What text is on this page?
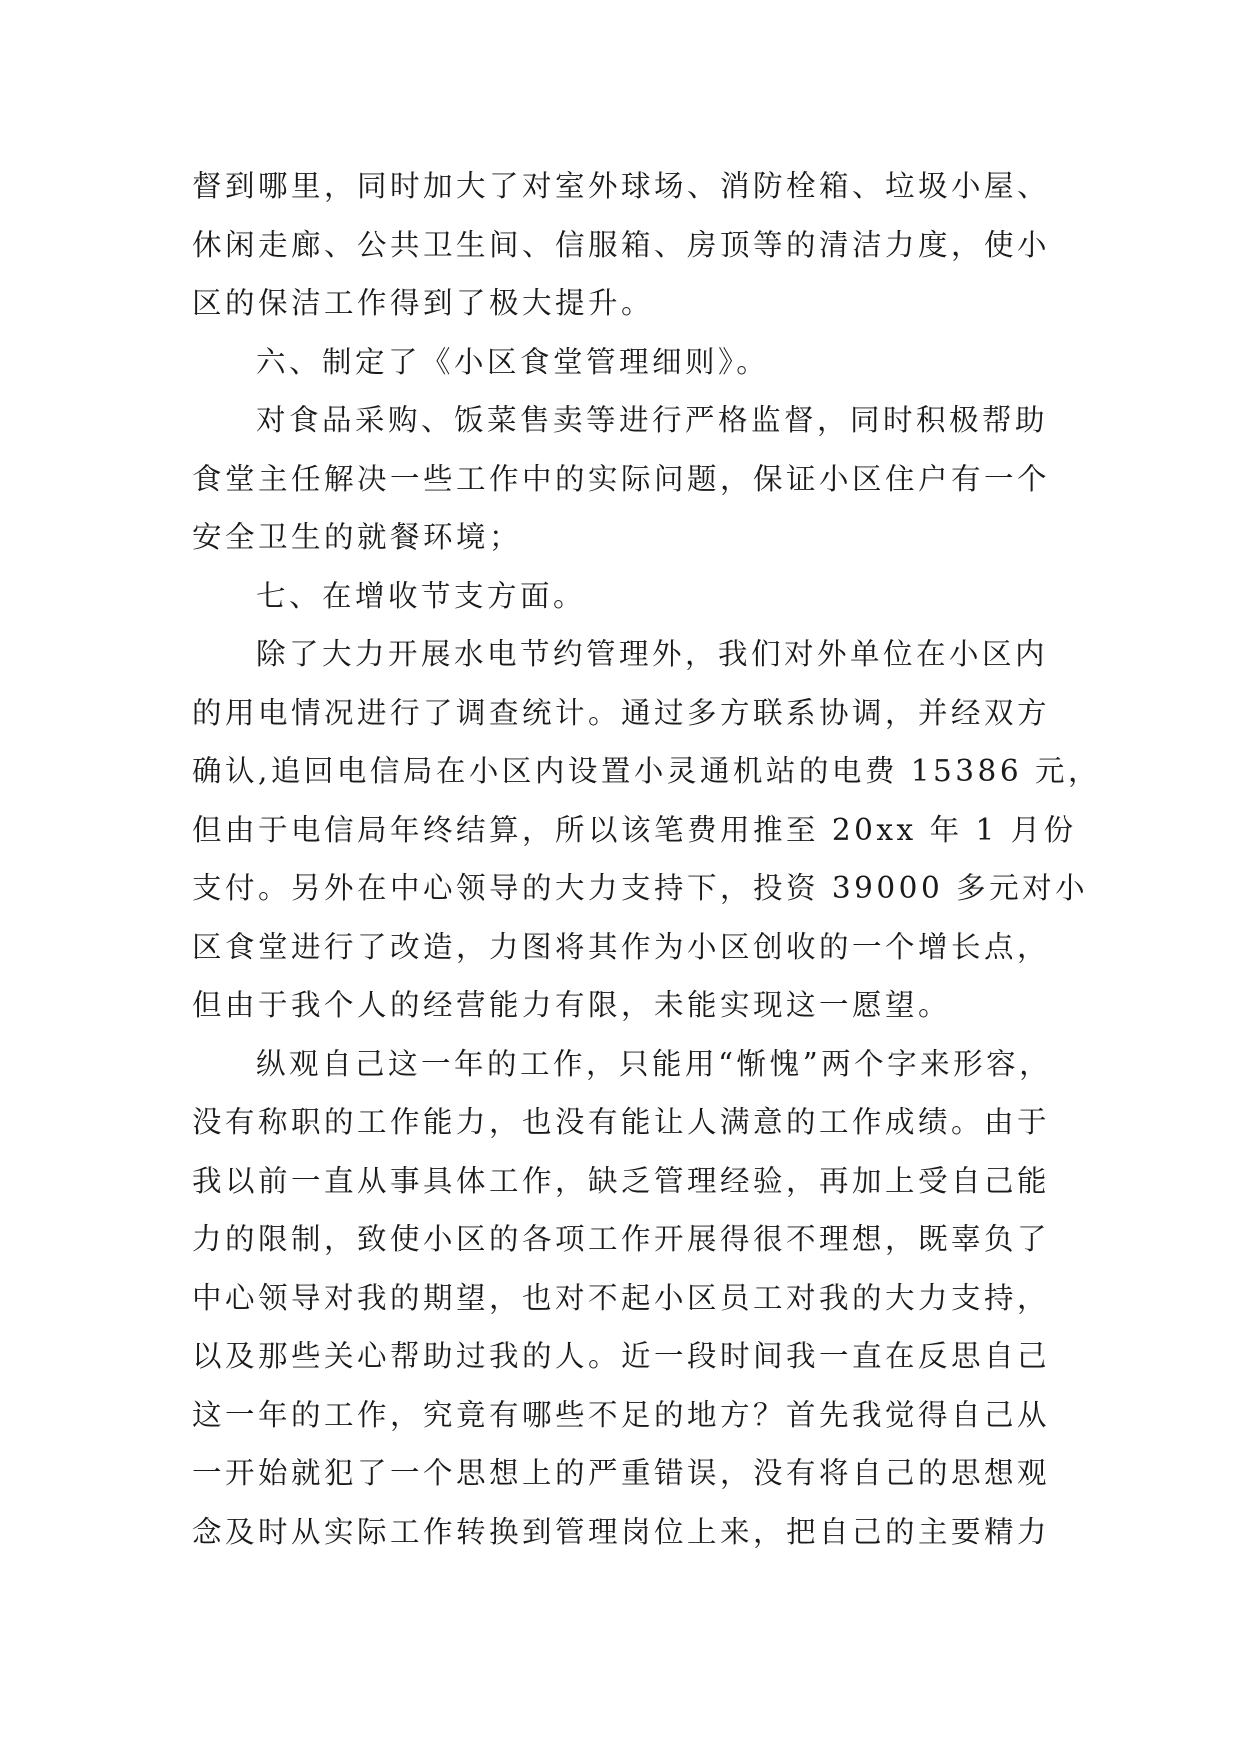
督到哪里，同时加大了对室外球场、消防栓箱、垃圾小屋、
休闲走廊、公共卫生间、信服箱、房顶等的清洁力度，使小
区的保洁工作得到了极大提升。
六、制定了《小区食堂管理细则》。
对食品采购、饭菜售卖等进行严格监督，同时积极帮助
食堂主任解决一些工作中的实际问题，保证小区住户有一个
安全卫生的就餐环境；
七、在增收节支方面。
除了大力开展水电节约管理外，我们对外单位在小区内
的用电情况进行了调查统计。通过多方联系协调，并经双方
确认,追回电信局在小区内设置小灵通机站的电费 15386 元，
但由于电信局年终结算，所以该笔费用推至 20xx 年 1 月份
支付。另外在中心领导的大力支持下，投资 39000 多元对小
区食堂进行了改造，力图将其作为小区创收的一个增长点，
但由于我个人的经营能力有限，未能实现这一愿望。
纵观自己这一年的工作，只能用“惭愧”两个字来形容，
没有称职的工作能力，也没有能让人满意的工作成绩。由于
我以前一直从事具体工作，缺乏管理经验，再加上受自己能
力的限制，致使小区的各项工作开展得很不理想，既辜负了
中心领导对我的期望，也对不起小区员工对我的大力支持，
以及那些关心帮助过我的人。近一段时间我一直在反思自己
这一年的工作，究竟有哪些不足的地方？首先我觉得自己从
一开始就犯了一个思想上的严重错误，没有将自己的思想观
念及时从实际工作转换到管理岗位上来，把自己的主要精力
